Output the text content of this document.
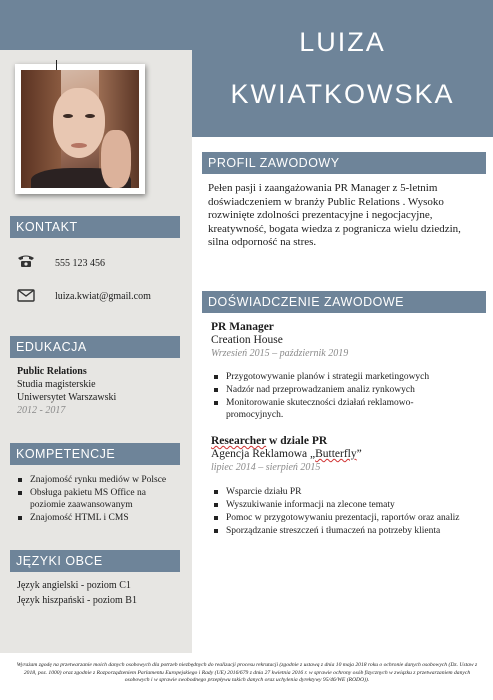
LUIZA
KWIATKOWSKA
KONTAKT
555 123 456
luiza.kwiat@gmail.com
EDUKACJA
Public Relations
Studia magisterskie
Uniwersytet Warszawski
2012 - 2017
KOMPETENCJE
Znajomość rynku mediów w Polsce
Obsługa pakietu MS Office na poziomie zaawansowanym
Znajomość HTML i CMS
JĘZYKI OBCE
Język angielski - poziom C1
Język hiszpański - poziom B1
PROFIL ZAWODOWY
Pełen pasji i zaangażowania PR Manager z 5-letnim doświadczeniem w branży Public Relations . Wysoko rozwinięte zdolności prezentacyjne i negocjacyjne, kreatywność, bogata wiedza z pogranicza wielu dziedzin, silna odporność na stres.
DOŚWIADCZENIE ZAWODOWE
PR Manager
Creation House
Wrzesień 2015 – październik 2019
Przygotowywanie planów i strategii marketingowych
Nadzór nad przeprowadzaniem analiz rynkowych
Monitorowanie skuteczności działań reklamowo-promocyjnych.
Researcher w dziale PR
Agencja Reklamowa „Butterfly”
lipiec 2014 – sierpień 2015
Wsparcie działu PR
Wyszukiwanie informacji na zlecone tematy
Pomoc w przygotowywaniu prezentacji, raportów oraz analiz
Sporządzanie streszczeń i tłumaczeń na potrzeby klienta
Wyrażam zgodę na przetwarzanie moich danych osobowych dla potrzeb niezbędnych do realizacji procesu rekrutacji (zgodnie z ustawą z dnia 10 maja 2018 roku o ochronie danych osobowych (Dz. Ustaw z 2018, poz. 1000) oraz zgodnie z Rozporządzeniem Parlamentu Europejskiego i Rady (UE) 2016/679 z dnia 27 kwietnia 2016 r. w sprawie ochrony osób fizycznych w związku z przetwarzaniem danych osobowych i w sprawie swobodnego przepływu takich danych oraz uchylenia dyrektywy 95/46/WE (RODO)).
